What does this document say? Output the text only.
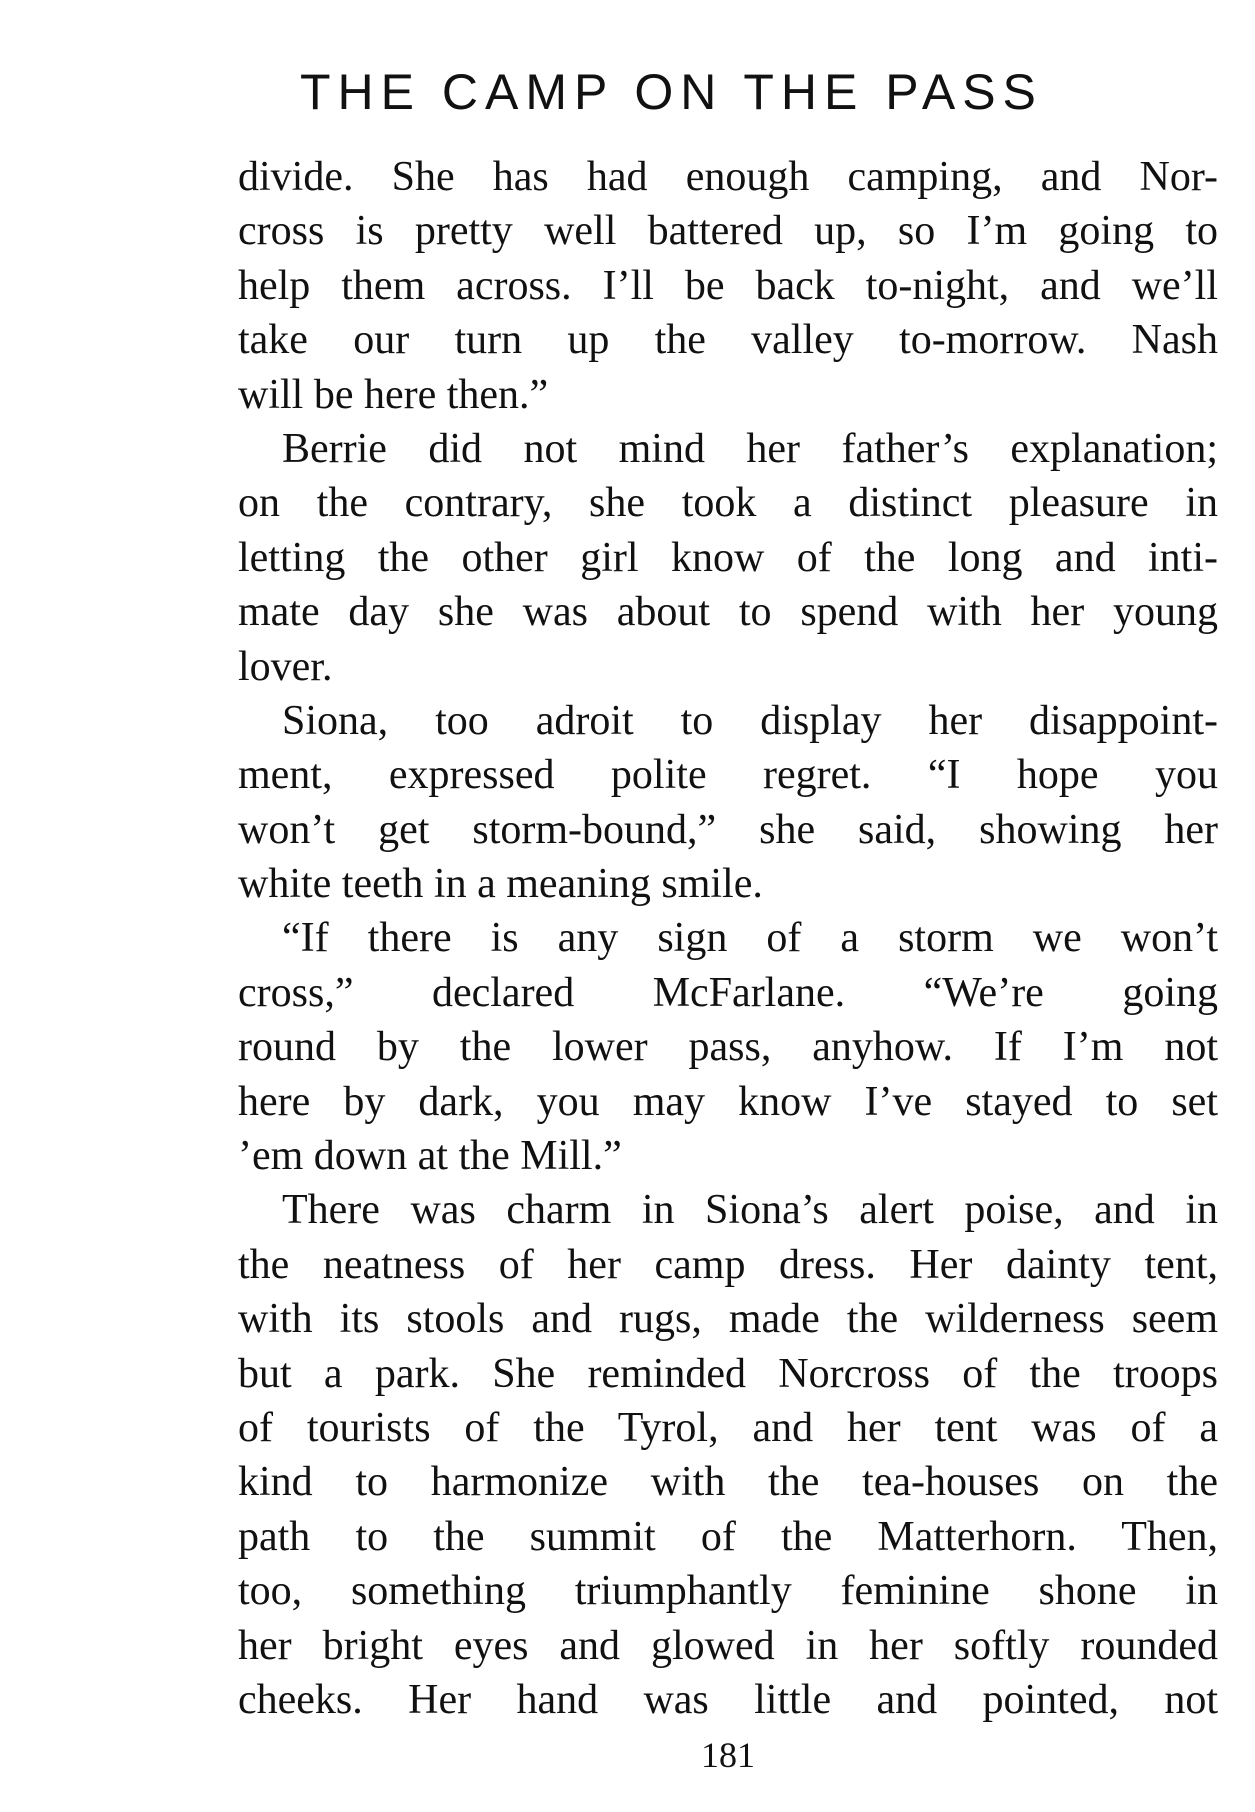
THE CAMP ON THE PASS
divide. She has had enough camping, and Nor-
cross is pretty well battered up, so I’m going to
help them across. I’ll be back to-night, and we’ll
take our turn up the valley to-morrow. Nash
will be here then.”
Berrie did not mind her father’s explanation;
on the contrary, she took a distinct pleasure in
letting the other girl know of the long and inti-
mate day she was about to spend with her young
lover.
Siona, too adroit to display her disappoint-
ment, expressed polite regret. “I hope you
won’t get storm-bound,” she said, showing her
white teeth in a meaning smile.
“If there is any sign of a storm we won’t
cross,” declared McFarlane. “We’re going
round by the lower pass, anyhow. If I’m not
here by dark, you may know I’ve stayed to set
’em down at the Mill.”
There was charm in Siona’s alert poise, and in
the neatness of her camp dress. Her dainty tent,
with its stools and rugs, made the wilderness seem
but a park. She reminded Norcross of the troops
of tourists of the Tyrol, and her tent was of a
kind to harmonize with the tea-houses on the
path to the summit of the Matterhorn. Then,
too, something triumphantly feminine shone in
her bright eyes and glowed in her softly rounded
cheeks. Her hand was little and pointed, not
181
